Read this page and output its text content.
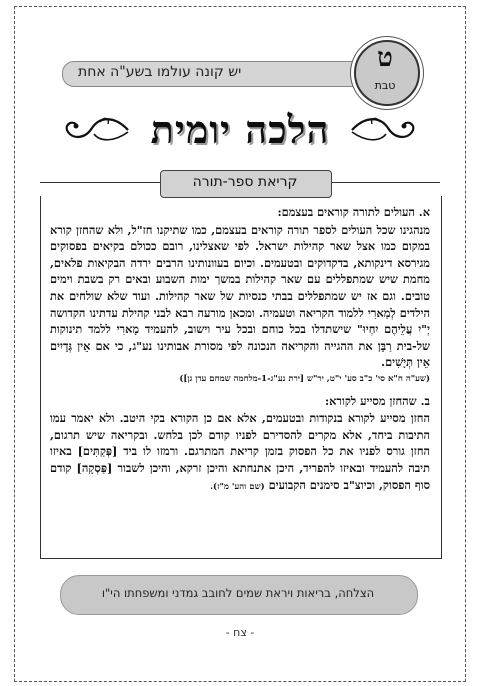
יש קונה עולמו בשע"ה אחת	ט
טבת
הלכה יומית
קריאת ספר-תורה

א. העולים לתורה קוראים בעצמם:

מנהגינו שכל העולים לספר תורה קוראים בעצמם, כמו שתיקנו חז"ל, ולא שהחזן קורא במקום כמו אצל שאר קהילות ישראל. לפי שאצלינו, רובם ככולם בקיאים בפסוקים מגירסא דינקותא, בדקדוקים ובטעמים. וכיום בעוונותינו הרבים ירדה הבקיאות פלאים, מחמת שיש שמתפללים עם שאר קהילות במשך ימות השבוע ובאים רק בשבת וימים טובים. וגם אז יש שמתפללים בבתי כנסיות של שאר קהילות. ועוד שלא שולחים את הילדים לְמַארִי ללמוד הקריאה וטעמיה. ומכאן מורעה רבא לבני קהילת עדתינו הקדושה יְ"יִ עֲלֵיהֶם יִחְיוּ" שישתדלו בכל כוחם ובכל עיר וישוב, להעמיד מָארִי ללמד תינוקות של-בית רַבָּן את ההגייה והקריאה הנכונה לפי מסורת אבותינו נע"ג, כי אם אֵין גְּדָיִים אֵין תְּיָשִׁים.

(שע"ה ח"א סי' כ"ב סע' י"ט, יר"ש [ירת נע"ג-1-מלחמה שמחם עדן גן])

ב. שהחזן מסייע לקורא:

החזן מסייע לקורא בנקודות ובטעמים, אלא אם כן הקורא בקי היטב. ולא יאמר עמו התיבות ביחד, אלא מקרים להסדירם לפניו קודם לכן בלחש. ובקריאה שיש תרגום, החזן גורס לפניו את כל הפסוק בזמן קריאת המתרגם. ורמזו לו ביד [פְּקַתִּים] באיזו תיבה להעמיד ובאיזו להפריד, היכן אתנחתא והיכן זרקא, והיכן לשבור [פַּסְקָה] קודם סוף הפסוק, וכיוצ"ב סימנים הקבועים (שם והע' מ"ז).

הצלחה, בריאות ויראת שמים לחובב גמדני ומשפחתו הי"ו
- צח -
